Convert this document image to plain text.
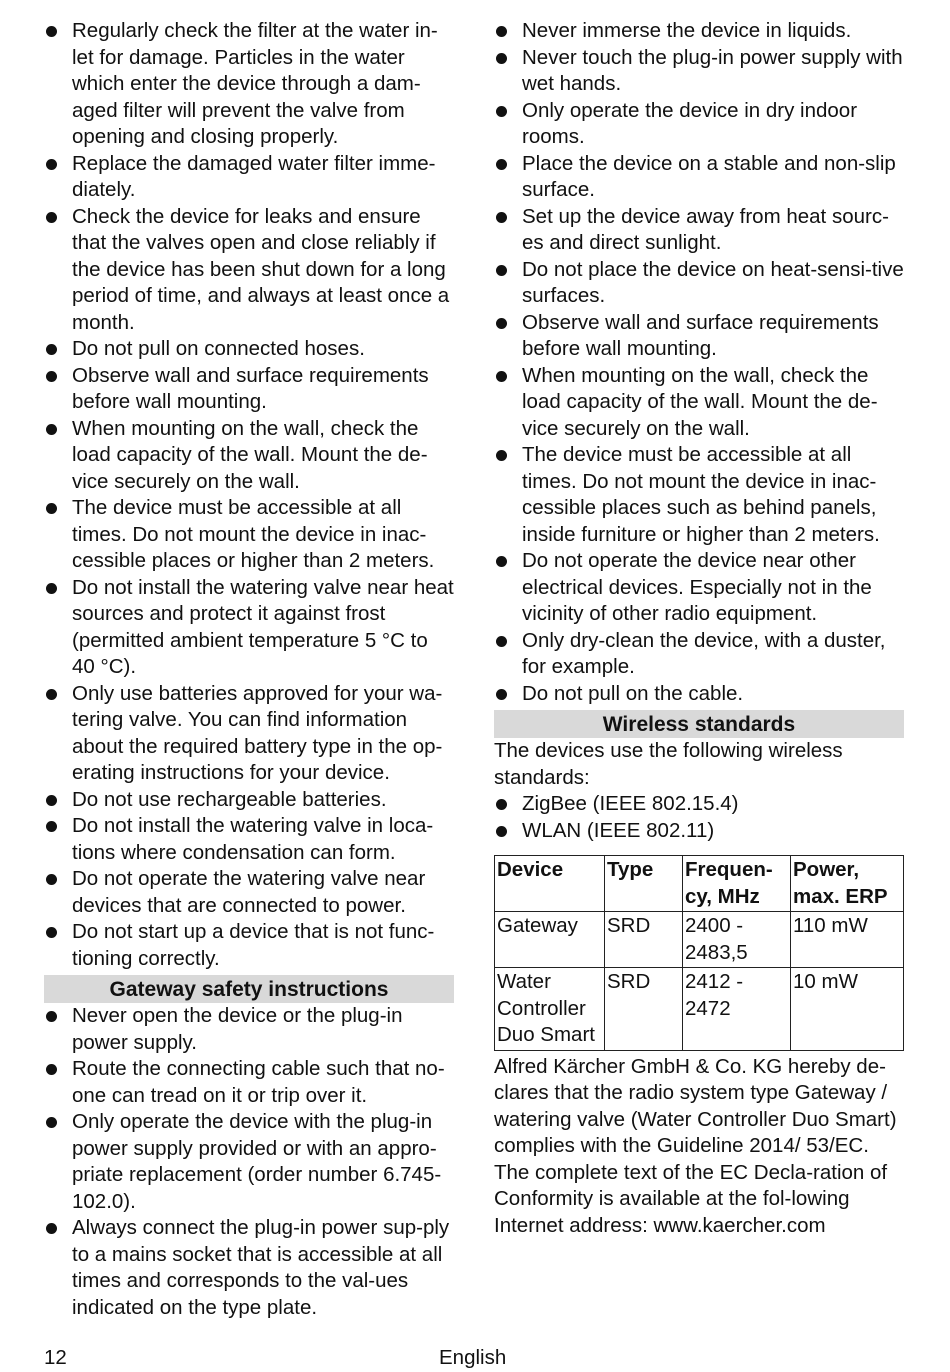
Regularly check the filter at the water in-let for damage. Particles in the water which enter the device through a dam-aged filter will prevent the valve from opening and closing properly.
Replace the damaged water filter imme-diately.
Check the device for leaks and ensure that the valves open and close reliably if the device has been shut down for a long period of time, and always at least once a month.
Do not pull on connected hoses.
Observe wall and surface requirements before wall mounting.
When mounting on the wall, check the load capacity of the wall. Mount the de-vice securely on the wall.
The device must be accessible at all times. Do not mount the device in inac-cessible places or higher than 2 meters.
Do not install the watering valve near heat sources and protect it against frost (permitted ambient temperature 5 °C to 40 °C).
Only use batteries approved for your wa-tering valve. You can find information about the required battery type in the op-erating instructions for your device.
Do not use rechargeable batteries.
Do not install the watering valve in loca-tions where condensation can form.
Do not operate the watering valve near devices that are connected to power.
Do not start up a device that is not func-tioning correctly.
Gateway safety instructions
Never open the device or the plug-in power supply.
Route the connecting cable such that no-one can tread on it or trip over it.
Only operate the device with the plug-in power supply provided or with an appro-priate replacement (order number 6.745-102.0).
Always connect the plug-in power sup-ply to a mains socket that is accessible at all times and corresponds to the val-ues indicated on the type plate.
Never immerse the device in liquids.
Never touch the plug-in power supply with wet hands.
Only operate the device in dry indoor rooms.
Place the device on a stable and non-slip surface.
Set up the device away from heat sourc-es and direct sunlight.
Do not place the device on heat-sensi-tive surfaces.
Observe wall and surface requirements before wall mounting.
When mounting on the wall, check the load capacity of the wall. Mount the de-vice securely on the wall.
The device must be accessible at all times. Do not mount the device in inac-cessible places such as behind panels, inside furniture or higher than 2 meters.
Do not operate the device near other electrical devices. Especially not in the vicinity of other radio equipment.
Only dry-clean the device, with a duster, for example.
Do not pull on the cable.
Wireless standards

The devices use the following wireless standards:

ZigBee (IEEE 802.15.4)
WLAN (IEEE 802.11)
Device	Type	Frequen-cy, MHz	Power, max. ERP
Gateway	SRD	2400 - 2483,5	110 mW
Water Controller Duo Smart	SRD	2412 - 2472	10 mW

Alfred Kärcher GmbH & Co. KG hereby de-clares that the radio system type Gateway / watering valve (Water Controller Duo Smart) complies with the Guideline 2014/ 53/EC. The complete text of the EC Decla-ration of Conformity is available at the fol-lowing Internet address: www.kaercher.com

12	English
